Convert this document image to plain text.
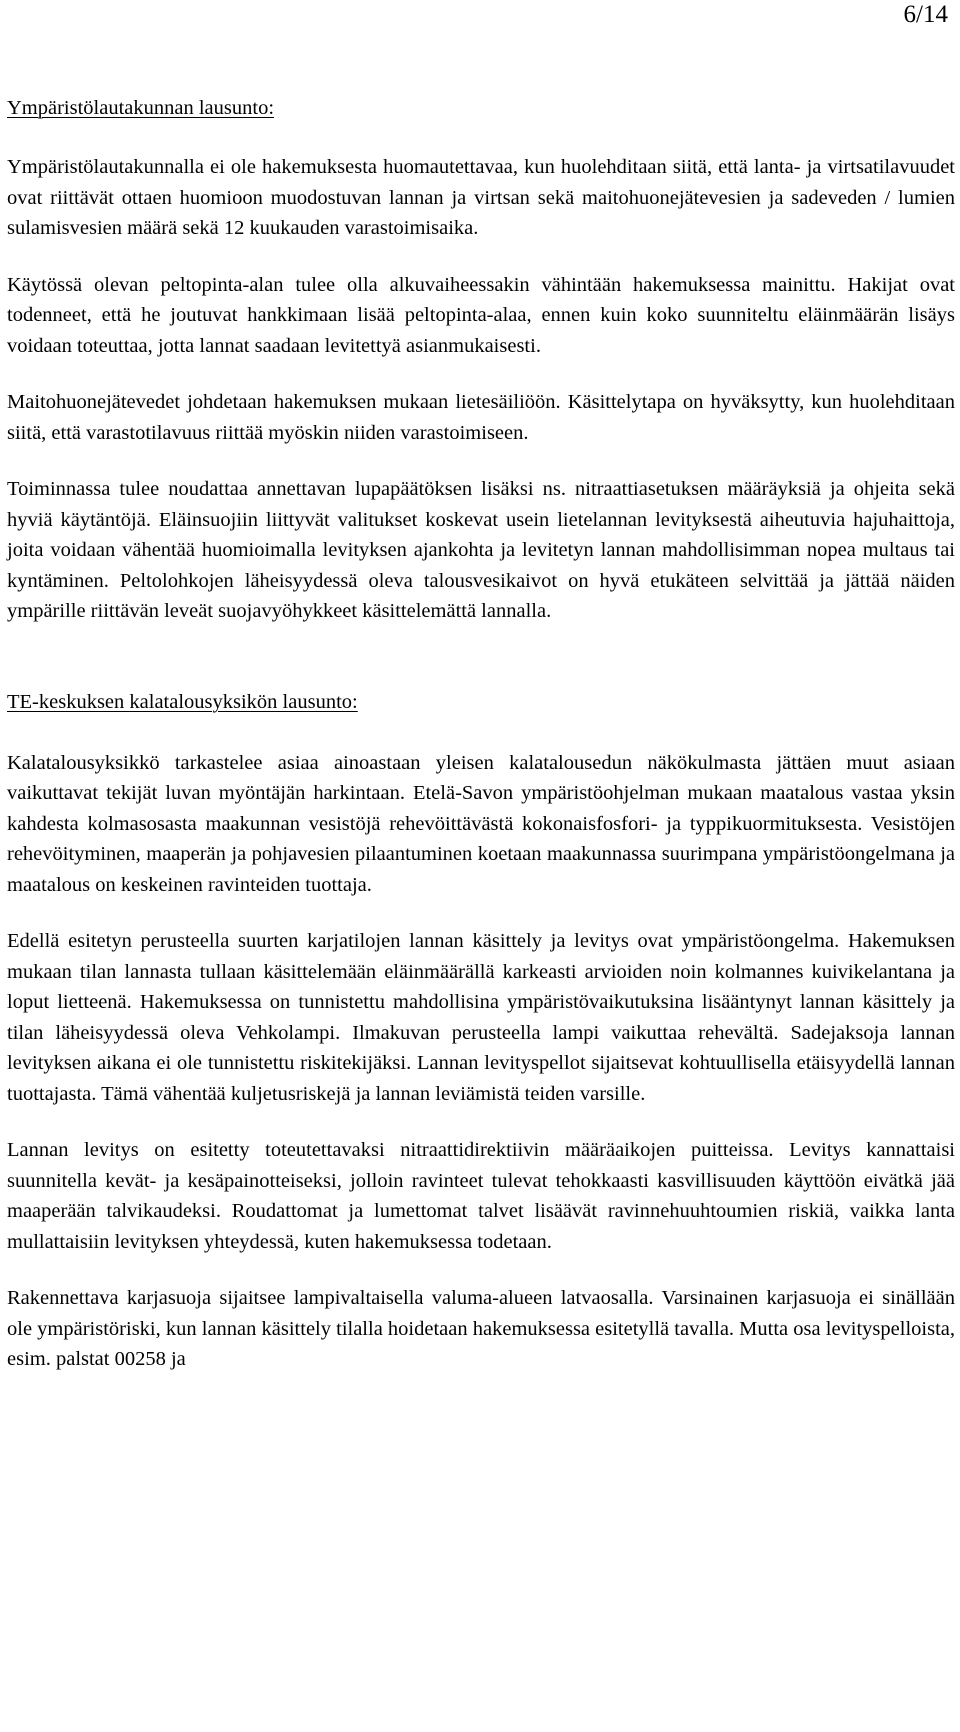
6/14
Ympäristölautakunnan lausunto:

Ympäristölautakunnalla ei ole hakemuksesta huomautettavaa, kun huolehditaan siitä, että lanta- ja virtsatilavuudet ovat riittävät ottaen huomioon muodostuvan lannan ja virtsan sekä maitohuonejätevesien ja sadeveden / lumien sulamisvesien määrä sekä 12 kuukauden varastoimisaika.

Käytössä olevan peltopinta-alan tulee olla alkuvaiheessakin vähintään hakemuksessa mainittu. Hakijat ovat todenneet, että he joutuvat hankkimaan lisää peltopinta-alaa, ennen kuin koko suunniteltu eläinmäärän lisäys voidaan toteuttaa, jotta lannat saadaan levitettyä asianmukaisesti.

Maitohuonejätevedet johdetaan hakemuksen mukaan lietesäiliöön. Käsittelytapa on hyväksytty, kun huolehditaan siitä, että varastotilavuus riittää myöskin niiden varastoimiseen.

Toiminnassa tulee noudattaa annettavan lupapäätöksen lisäksi ns. nitraattiasetuksen määräyksiä ja ohjeita sekä hyviä käytäntöjä. Eläinsuojiin liittyvät valitukset koskevat usein lietelannan levityksestä aiheutuvia hajuhaittoja, joita voidaan vähentää huomioimalla levityksen ajankohta ja levitetyn lannan mahdollisimman nopea multaus tai kyntäminen. Peltolohkojen läheisyydessä oleva talousvesikaivot on hyvä etukäteen selvittää ja jättää näiden ympärille riittävän leveät suojavyöhykkeet käsittelemättä lannalla.

TE-keskuksen kalatalousyksikön lausunto:

Kalatalousyksikkö tarkastelee asiaa ainoastaan yleisen kalatalousedun näkökulmasta jättäen muut asiaan vaikuttavat tekijät luvan myöntäjän harkintaan. Etelä-Savon ympäristöohjelman mukaan maatalous vastaa yksin kahdesta kolmasosasta maakunnan vesistöjä rehevöittävästä kokonaisfosfori- ja typpikuormituksesta. Vesistöjen rehevöityminen, maaperän ja pohjavesien pilaantuminen koetaan maakunnassa suurimpana ympäristöongelmana ja maatalous on keskeinen ravinteiden tuottaja.

Edellä esitetyn perusteella suurten karjatilojen lannan käsittely ja levitys ovat ympäristöongelma. Hakemuksen mukaan tilan lannasta tullaan käsittelemään eläinmäärällä karkeasti arvioiden noin kolmannes kuivikelantana ja loput lietteenä. Hakemuksessa on tunnistettu mahdollisina ympäristövaikutuksina lisääntynyt lannan käsittely ja tilan läheisyydessä oleva Vehkolampi. Ilmakuvan perusteella lampi vaikuttaa rehevältä. Sadejaksoja lannan levityksen aikana ei ole tunnistettu riskitekijäksi. Lannan levityspellot sijaitsevat kohtuullisella etäisyydellä lannan tuottajasta. Tämä vähentää kuljetusriskejä ja lannan leviämistä teiden varsille.

Lannan levitys on esitetty toteutettavaksi nitraattidirektiivin määräaikojen puitteissa. Levitys kannattaisi suunnitella kevät- ja kesäpainotteiseksi, jolloin ravinteet tulevat tehokkaasti kasvillisuuden käyttöön eivätkä jää maaperään talvikaudeksi. Roudattomat ja lumettomat talvet lisäävät ravinnehuuhtoumien riskiä, vaikka lanta mullattaisiin levityksen yhteydessä, kuten hakemuksessa todetaan.

Rakennettava karjasuoja sijaitsee lampivaltaisella valuma-alueen latvaosalla. Varsinainen karjasuoja ei sinällään ole ympäristöriski, kun lannan käsittely tilalla hoidetaan hakemuksessa esitetyllä tavalla. Mutta osa levityspelloista, esim. palstat 00258 ja
